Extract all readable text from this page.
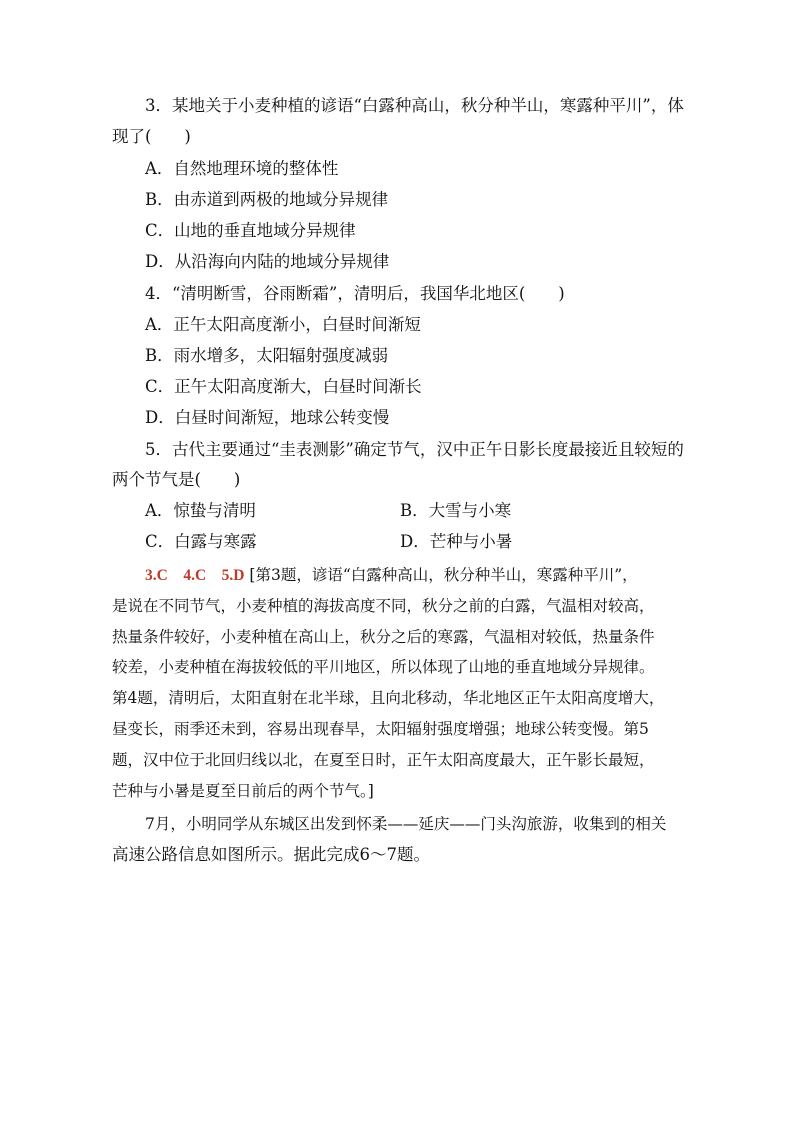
3．某地关于小麦种植的谚语“白露种高山，秋分种半山，寒露种平川”，体
现了(　　)
A．自然地理环境的整体性
B．由赤道到两极的地域分异规律
C．山地的垂直地域分异规律
D．从沿海向内陆的地域分异规律
4．“清明断雪，谷雨断霜”，清明后，我国华北地区(　　)
A．正午太阳高度渐小，白昼时间渐短
B．雨水增多，太阳辐射强度减弱
C．正午太阳高度渐大，白昼时间渐长
D．白昼时间渐短，地球公转变慢
5．古代主要通过“圭表测影”确定节气，汉中正午日影长度最接近且较短的
两个节气是(　　)
A．惊蛰与清明	B．大雪与小寒
C．白露与寒露	D．芒种与小暑
3.C　4.C　5.D [第3题，谚语“白露种高山，秋分种半山，寒露种平川”，
是说在不同节气，小麦种植的海拔高度不同，秋分之前的白露，气温相对较高，
热量条件较好，小麦种植在高山上，秋分之后的寒露，气温相对较低，热量条件
较差，小麦种植在海拔较低的平川地区，所以体现了山地的垂直地域分异规律。
第4题，清明后，太阳直射在北半球，且向北移动，华北地区正午太阳高度增大，
昼变长，雨季还未到，容易出现春旱，太阳辐射强度增强；地球公转变慢。第5
题，汉中位于北回归线以北，在夏至日时，正午太阳高度最大，正午影长最短，
芒种与小暑是夏至日前后的两个节气。]
7月，小明同学从东城区出发到怀柔——延庆——门头沟旅游，收集到的相关
高速公路信息如图所示。据此完成6～7题。
